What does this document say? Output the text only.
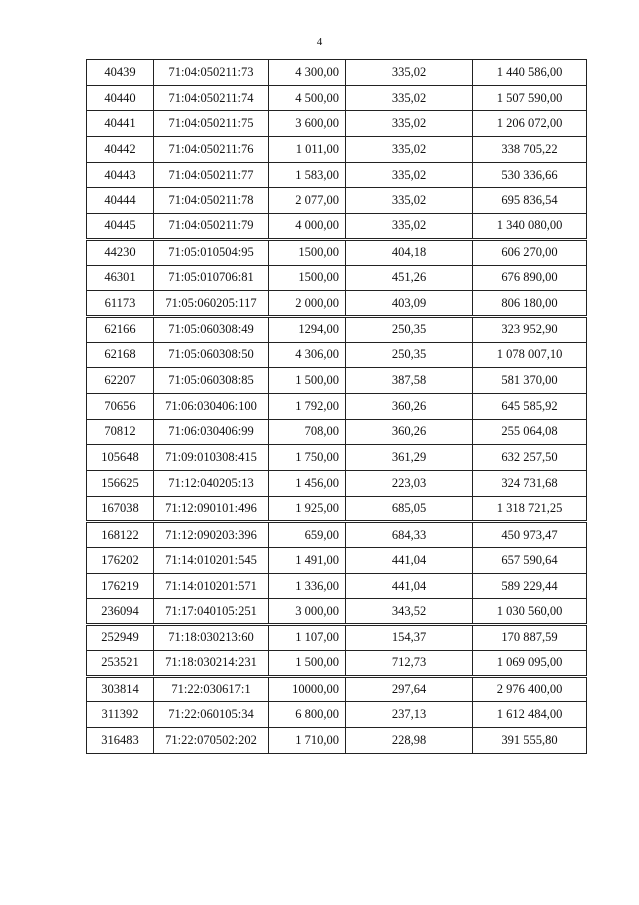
4
40439	71:04:050211:73	4 300,00	335,02	1 440 586,00
40440	71:04:050211:74	4 500,00	335,02	1 507 590,00
40441	71:04:050211:75	3 600,00	335,02	1 206 072,00
40442	71:04:050211:76	1 011,00	335,02	338 705,22
40443	71:04:050211:77	1 583,00	335,02	530 336,66
40444	71:04:050211:78	2 077,00	335,02	695 836,54
40445	71:04:050211:79	4 000,00	335,02	1 340 080,00
44230	71:05:010504:95	1500,00	404,18	606 270,00
46301	71:05:010706:81	1500,00	451,26	676 890,00
61173	71:05:060205:117	2 000,00	403,09	806 180,00
62166	71:05:060308:49	1294,00	250,35	323 952,90
62168	71:05:060308:50	4 306,00	250,35	1 078 007,10
62207	71:05:060308:85	1 500,00	387,58	581 370,00
70656	71:06:030406:100	1 792,00	360,26	645 585,92
70812	71:06:030406:99	708,00	360,26	255 064,08
105648	71:09:010308:415	1 750,00	361,29	632 257,50
156625	71:12:040205:13	1 456,00	223,03	324 731,68
167038	71:12:090101:496	1 925,00	685,05	1 318 721,25
168122	71:12:090203:396	659,00	684,33	450 973,47
176202	71:14:010201:545	1 491,00	441,04	657 590,64
176219	71:14:010201:571	1 336,00	441,04	589 229,44
236094	71:17:040105:251	3 000,00	343,52	1 030 560,00
252949	71:18:030213:60	1 107,00	154,37	170 887,59
253521	71:18:030214:231	1 500,00	712,73	1 069 095,00
303814	71:22:030617:1	10000,00	297,64	2 976 400,00
311392	71:22:060105:34	6 800,00	237,13	1 612 484,00
316483	71:22:070502:202	1 710,00	228,98	391 555,80
